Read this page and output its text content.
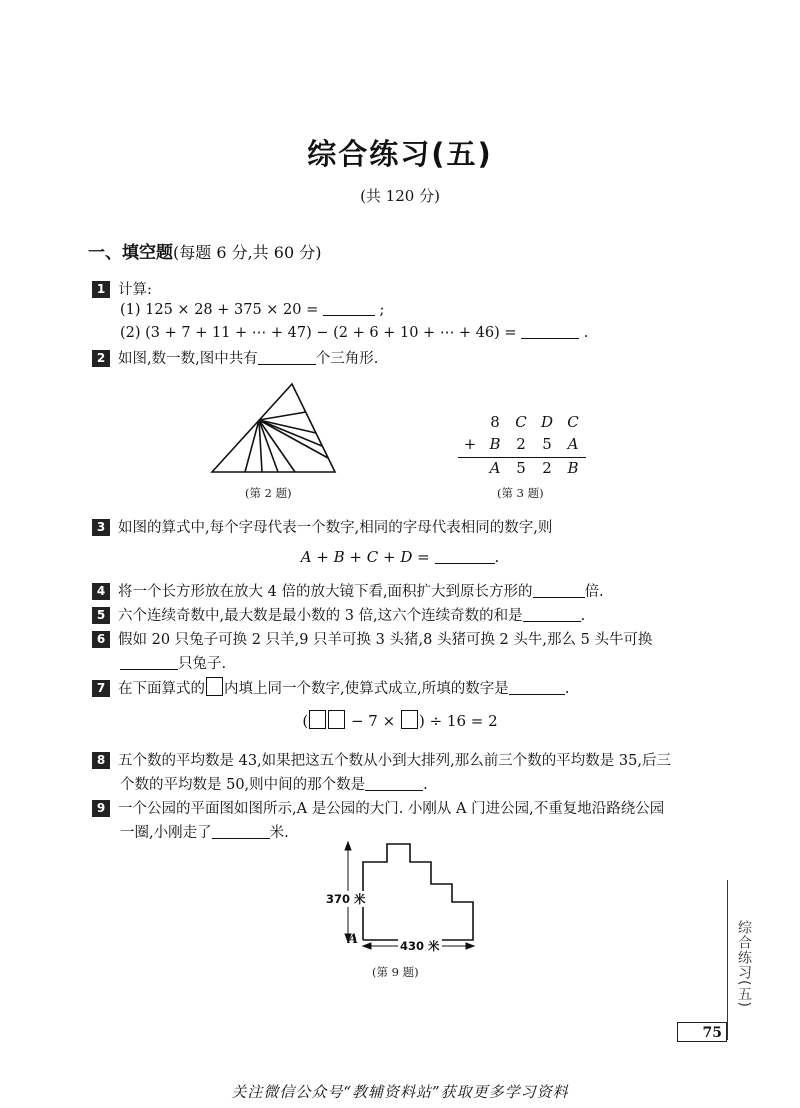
综合练习(五)
(共 120 分)
一、填空题(每题 6 分,共 60 分)
1 计算:
(1) 125 × 28 + 375 × 20 =	;
(2) (3 + 7 + 11 + ⋯ + 47) − (2 + 6 + 10 + ⋯ + 46) =	.
2 如图,数一数,图中共有	个三角形.
(第 2 题)
8	C D C
+ B	2	5	A
A	5	2	B
(第 3 题)
3 如图的算式中,每个字母代表一个数字,相同的字母代表相同的数字,则
A + B + C + D =	.
4 将一个长方形放在放大 4 倍的放大镜下看,面积扩大到原长方形的	倍.
5 六个连续奇数中,最大数是最小数的 3 倍,这六个连续奇数的和是	.
6 假如 20 只兔子可换 2 只羊,9 只羊可换 3 头猪,8 头猪可换 2 头牛,那么 5 头牛可换
只兔子.
7 在下面算式的 内填上同一个数字,使算式成立,所填的数字是	.
(	− 7 × ) ÷ 16 = 2
8 五个数的平均数是 43,如果把这五个数从小到大排列,那么前三个数的平均数是 35,后三
个数的平均数是 50,则中间的那个数是	.
9 一个公园的平面图如图所示,A 是公园的大门. 小刚从 A 门进公园,不重复地沿路绕公园
一圈,小刚走了	米.
370 米
430 米
A
(第 9 题)	综合练习(五)
75
关注微信公众号“教辅资料站”获取更多学习资料
